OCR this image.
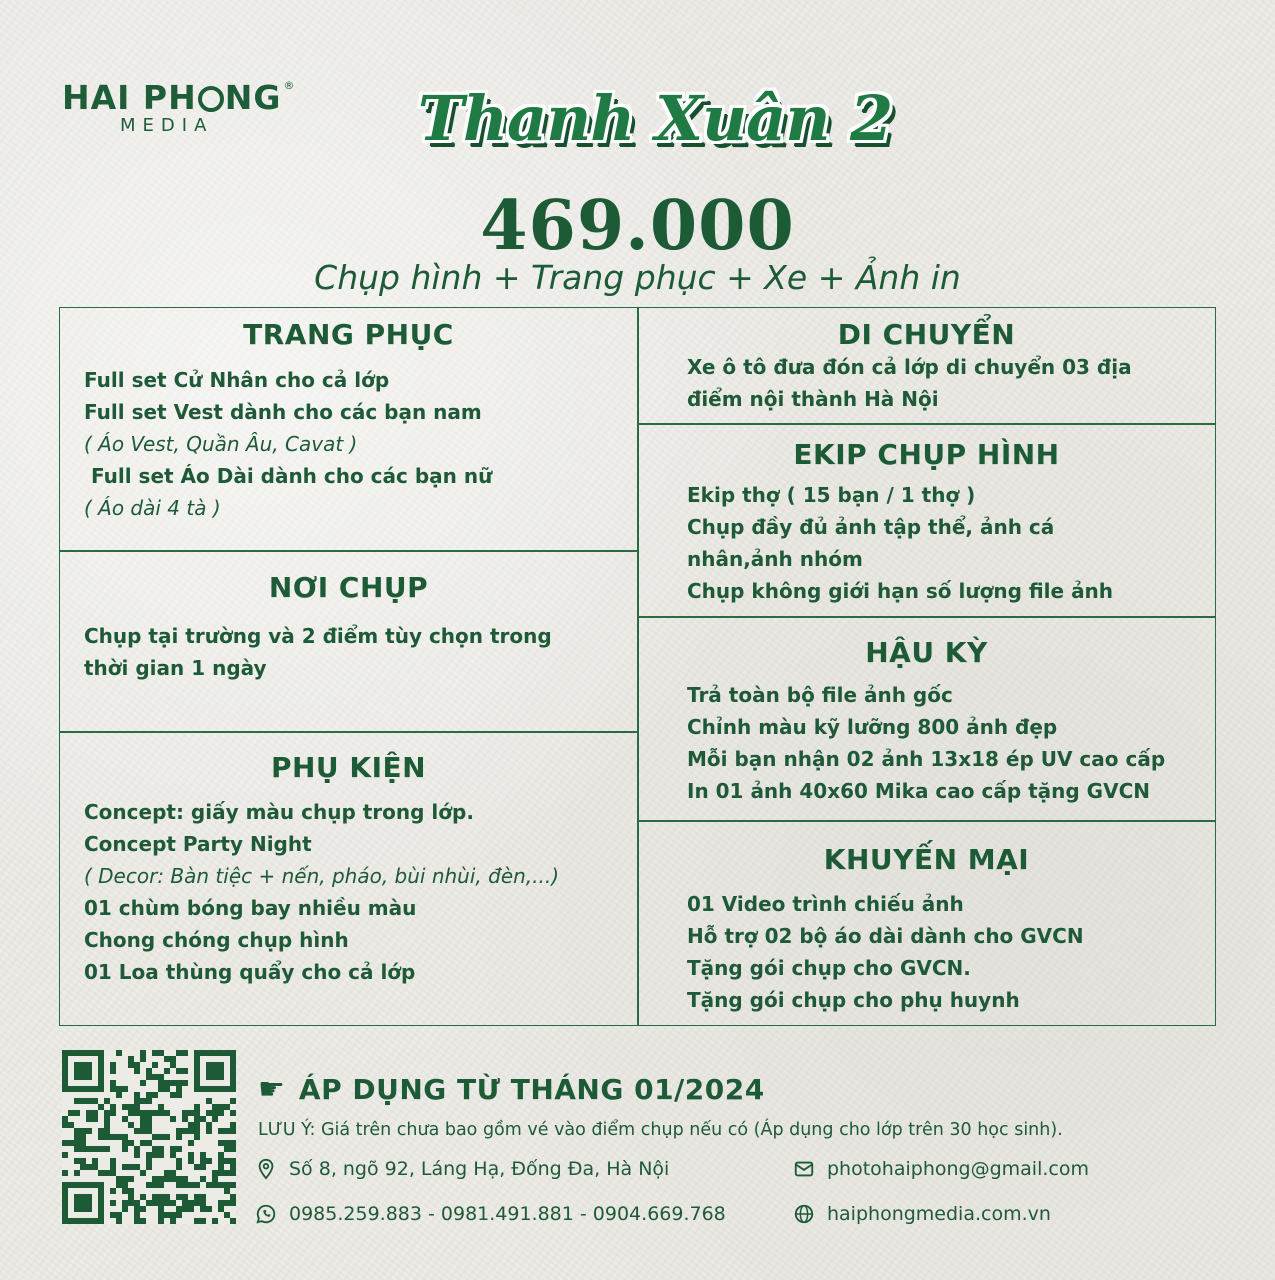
HAI PH NG ®
MEDIA	Thanh Xuân 2
469.000
Chụp hình + Trang phục + Xe + Ảnh in
TRANG PHỤC
Full set Cử Nhân cho cả lớp
Full set Vest dành cho các bạn nam
( Áo Vest, Quần Âu, Cavat )
Full set Áo Dài dành cho các bạn nữ
( Áo dài 4 tà )
NƠI CHỤP
Chụp tại trường và 2 điểm tùy chọn trong
thời gian 1 ngày
PHỤ KIỆN
Concept: giấy màu chụp trong lớp.
Concept Party Night
( Decor: Bàn tiệc + nến, pháo, bùi nhùi, đèn,...)
01 chùm bóng bay nhiều màu
Chong chóng chụp hình
01 Loa thùng quẩy cho cả lớp
DI CHUYỂN
Xe ô tô đưa đón cả lớp di chuyển 03 địa
điểm nội thành Hà Nội
EKIP CHỤP HÌNH
Ekip thợ ( 15 bạn / 1 thợ )
Chụp đầy đủ ảnh tập thể, ảnh cá
nhân,ảnh nhóm
Chụp không giới hạn số lượng file ảnh
HẬU KỲ
Trả toàn bộ file ảnh gốc
Chỉnh màu kỹ lưỡng 800 ảnh đẹp
Mỗi bạn nhận 02 ảnh 13x18 ép UV cao cấp
In 01 ảnh 40x60 Mika cao cấp tặng GVCN
KHUYẾN MẠI
01 Video trình chiếu ảnh
Hỗ trợ 02 bộ áo dài dành cho GVCN
Tặng gói chụp cho GVCN.
Tặng gói chụp cho phụ huynh
☛ ÁP DỤNG TỪ THÁNG 01/2024
LƯU Ý: Giá trên chưa bao gồm vé vào điểm chụp nếu có (Áp dụng cho lớp trên 30 học sinh).
Số 8, ngõ 92, Láng Hạ, Đống Đa, Hà Nội
0985.259.883 - 0981.491.881 - 0904.669.768
photohaiphong@gmail.com
haiphongmedia.com.vn
